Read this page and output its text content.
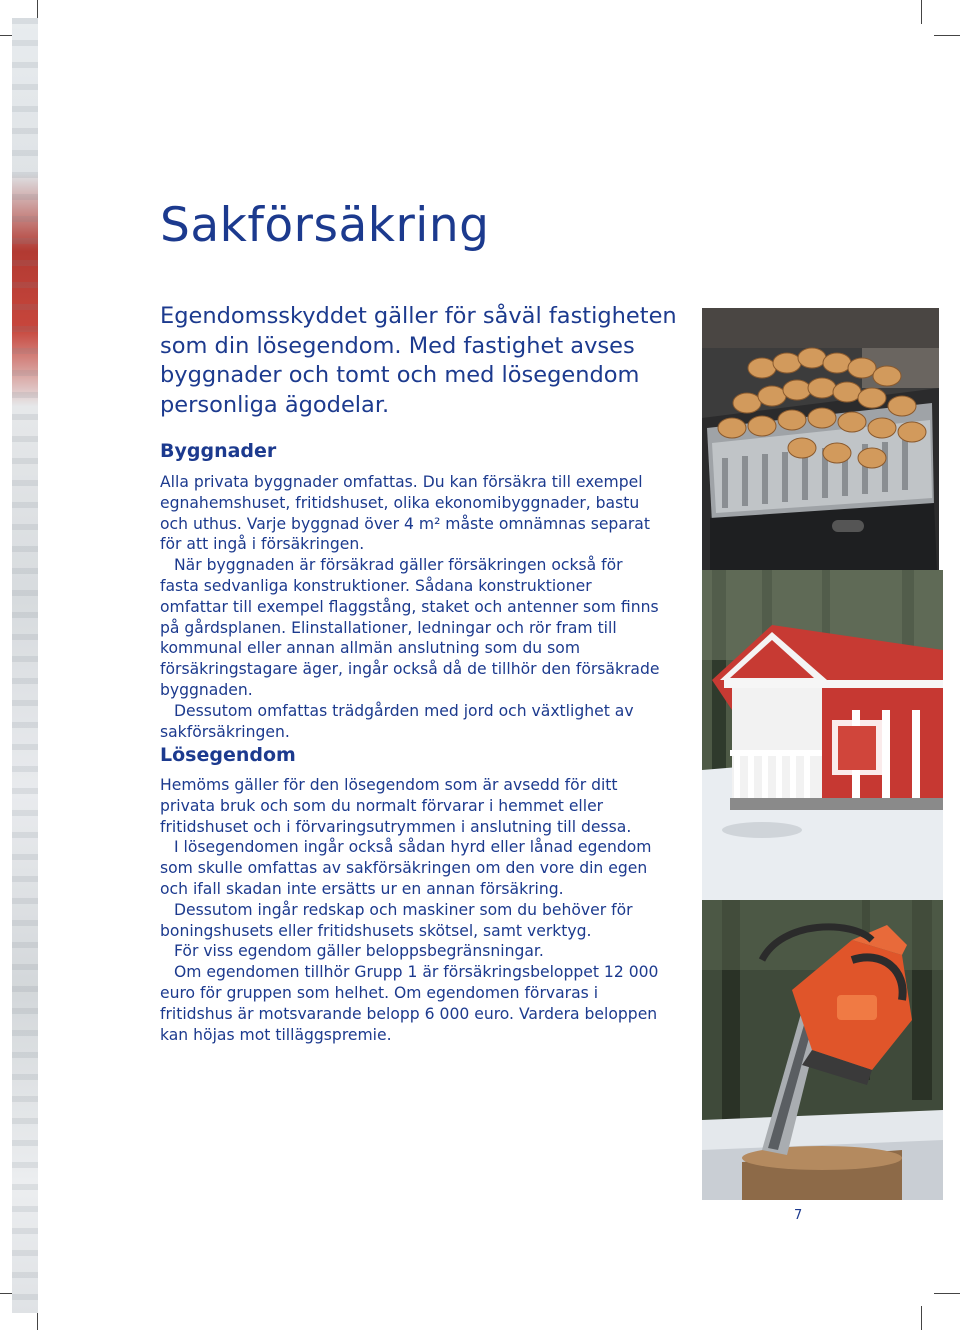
Sakförsäkring

Egendomsskyddet gäller för såväl fastigheten som din lösegendom. Med fastighet avses byggnader och tomt och med lösegendom personliga ägodelar.

Byggnader

Alla privata byggnader omfattas. Du kan försäkra till exempel egnahemshuset, fritidshuset, olika ekonomibyggnader, bastu och uthus. Varje byggnad över 4 m² måste omnämnas separat för att ingå i försäkringen.

När byggnaden är försäkrad gäller försäkringen också för fasta sedvanliga konstruktioner. Sådana konstruktioner omfattar till exempel flaggstång, staket och antenner som finns på gårdsplanen. Elinstallationer, ledningar och rör fram till kommunal eller annan allmän anslutning som du som försäkringstagare äger, ingår också då de tillhör den försäkrade byggnaden.

Dessutom omfattas trädgården med jord och växtlighet av sakförsäkringen.

Lösegendom

Hemöms gäller för den lösegendom som är avsedd för ditt privata bruk och som du normalt förvarar i hemmet eller fritidshuset och i förvaringsutrymmen i anslutning till dessa.

I lösegendomen ingår också sådan hyrd eller lånad egendom som skulle omfattas av sakförsäkringen om den vore din egen och ifall skadan inte ersätts ur en annan försäkring.

Dessutom ingår redskap och maskiner som du behöver för boningshusets eller fritidshusets skötsel, samt verktyg.

För viss egendom gäller beloppsbegränsningar.

Om egendomen tillhör Grupp 1 är försäkringsbeloppet 12 000 euro för gruppen som helhet. Om egendomen förvaras i fritidshus är motsvarande belopp 6 000 euro. Vardera beloppen kan höjas mot tilläggspremie.

7
